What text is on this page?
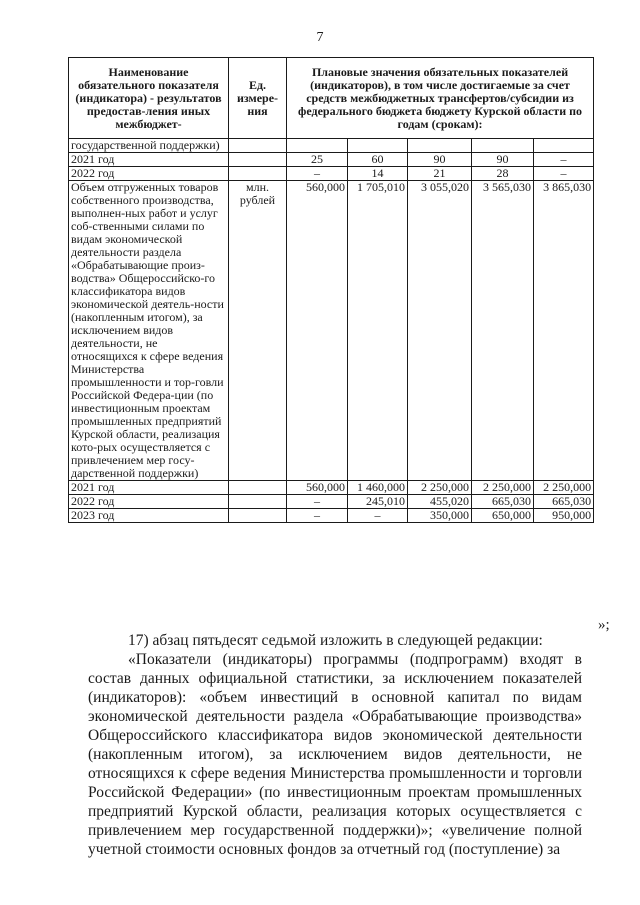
7
Наименование обязательного показателя (индикатора) - результатов предостав-ления иных межбюджет-	Ед. измере-ния	Плановые значения обязательных показателей (индикаторов), в том числе достигаемые за счет средств межбюджетных трансфертов/субсидии из федерального бюджета бюджету Курской области по годам (срокам):				
государственной поддержки)						
2021 год		25	60	90	90	–
2022 год		–	14	21	28	–
Объем отгруженных товаров собственного производства, выполнен-ных работ и услуг соб-ственными силами по видам экономической деятельности раздела «Обрабатывающие произ-водства» Общероссийско-го классификатора видов экономической деятель-ности (накопленным итогом), за исключением видов деятельности, не относящихся к сфере ведения Министерства промышленности и тор-говли Российской Федера-ции (по инвестиционным проектам промышленных предприятий Курской области, реализация кото-рых осуществляется с привлечением мер госу-дарственной поддержки)	млн. рублей	560,000	1 705,010	3 055,020	3 565,030	3 865,030
2021 год		560,000	1 460,000	2 250,000	2 250,000	2 250,000
2022 год		–	245,010	455,020	665,030	665,030
2023 год		–	–	350,000	650,000	950,000
»;

17) абзац пятьдесят седьмой изложить в следующей редакции:

«Показатели (индикаторы) программы (подпрограмм) входят в состав данных официальной статистики, за исключением показателей (индикаторов): «объем инвестиций в основной капитал по видам экономической деятельности раздела «Обрабатывающие производства» Общероссийского классификатора видов экономической деятельности (накопленным итогом), за исключением видов деятельности, не относящихся к сфере ведения Министерства промышленности и торговли Российской Федерации» (по инвестиционным проектам промышленных предприятий Курской области, реализация которых осуществляется с привлечением мер государственной поддержки)»; «увеличение полной учетной стоимости основных фондов за отчетный год (поступление) за
